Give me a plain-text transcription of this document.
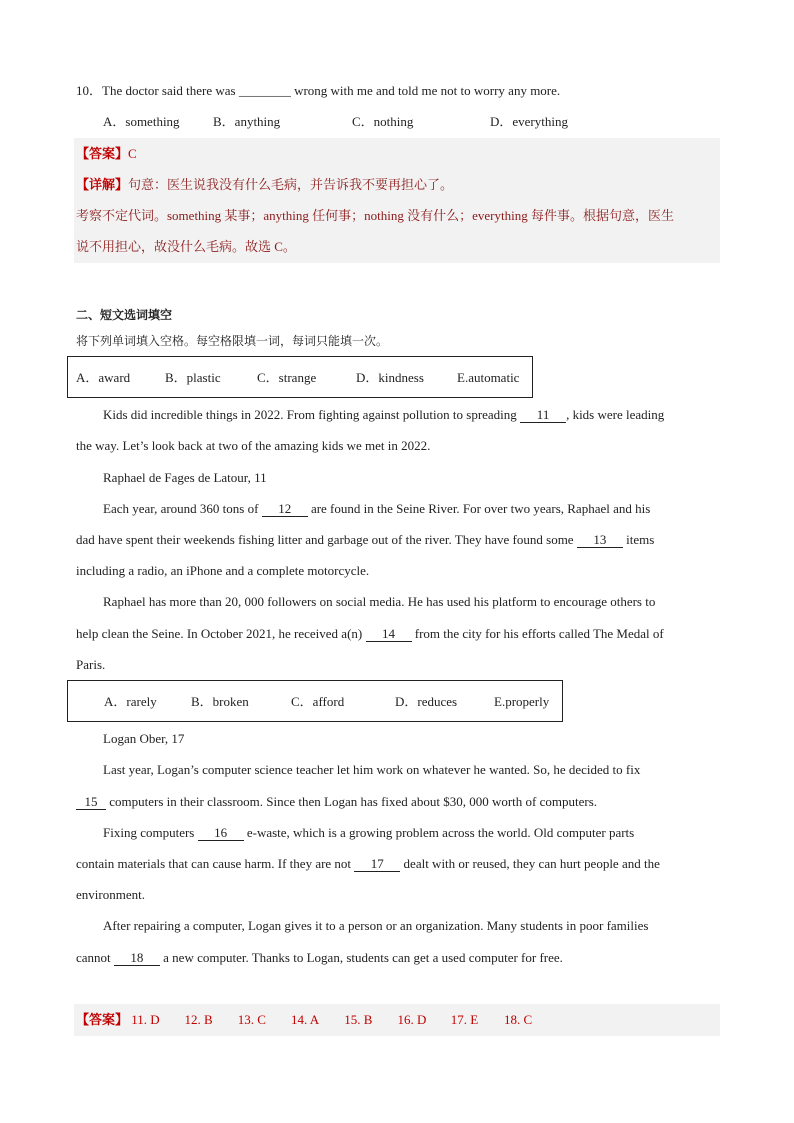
10．The doctor said there was ________ wrong with me and told me not to worry any more.
A．something	B．anything	C．nothing	D．everything
【答案】C
【详解】句意：医生说我没有什么毛病，并告诉我不要再担心了。
考察不定代词。something 某事；anything 任何事；nothing 没有什么；everything 每件事。根据句意，医生
说不用担心，故没什么毛病。故选 C。
二、短文选词填空
将下列单词填入空格。每空格限填一词，每词只能填一次。
A．award	B．plastic	C．strange	D．kindness	E.automatic
Kids did incredible things in 2022. From fighting against pollution to spreading 11 , kids were leading
the way. Let’s look back at two of the amazing kids we met in 2022.
Raphael de Fages de Latour, 11
Each year, around 360 tons of 12 are found in the Seine River. For over two years, Raphael and his
dad have spent their weekends fishing litter and garbage out of the river. They have found some 13 items
including a radio, an iPhone and a complete motorcycle.
Raphael has more than 20, 000 followers on social media. He has used his platform to encourage others to
help clean the Seine. In October 2021, he received a(n) 14 from the city for his efforts called The Medal of
Paris.
A．rarely	B．broken	C．afford	D．reduces	E.properly
Logan Ober, 17
Last year, Logan’s computer science teacher let him work on whatever he wanted. So, he decided to fix
15 computers in their classroom. Since then Logan has fixed about $30, 000 worth of computers.
Fixing computers 16 e-waste, which is a growing problem across the world. Old computer parts
contain materials that can cause harm. If they are not 17 dealt with or reused, they can hurt people and the
environment.
After repairing a computer, Logan gives it to a person or an organization. Many students in poor families
cannot 18 a new computer. Thanks to Logan, students can get a used computer for free.
【答案】 11. D 12. B 13. C 14. A 15. B 16. D 17. E 18. C
